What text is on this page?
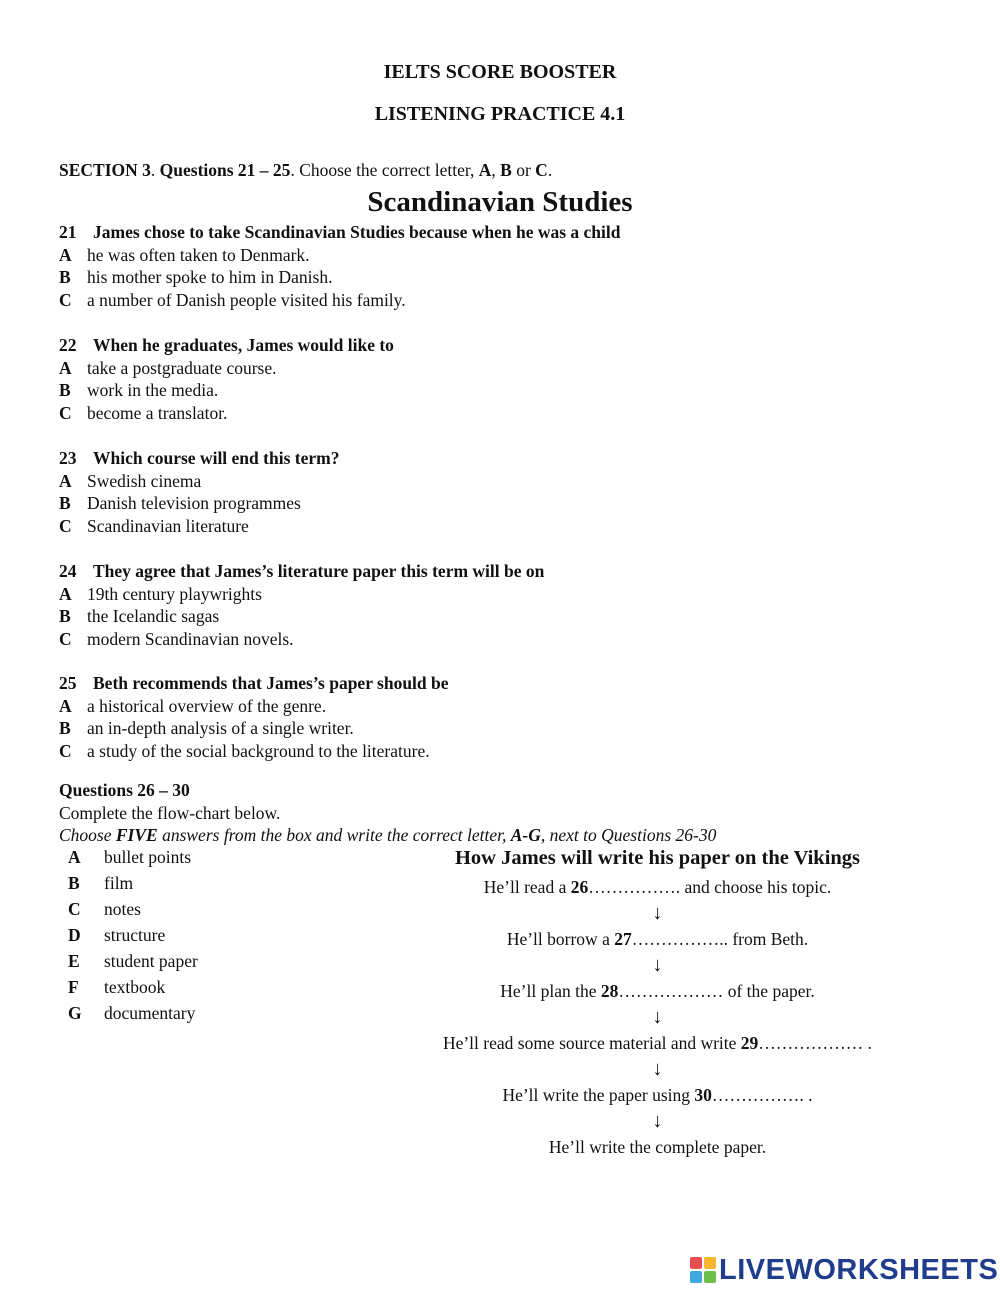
IELTS SCORE BOOSTER
LISTENING PRACTICE 4.1
SECTION 3. Questions 21 – 25. Choose the correct letter, A, B or C.
Scandinavian Studies
21 James chose to take Scandinavian Studies because when he was a child
A he was often taken to Denmark.
B his mother spoke to him in Danish.
C a number of Danish people visited his family.
22 When he graduates, James would like to
A take a postgraduate course.
B work in the media.
C become a translator.
23 Which course will end this term?
A Swedish cinema
B Danish television programmes
C Scandinavian literature
24 They agree that James’s literature paper this term will be on
A 19th century playwrights
B the Icelandic sagas
C modern Scandinavian novels.
25 Beth recommends that James’s paper should be
A a historical overview of the genre.
B an in-depth analysis of a single writer.
C a study of the social background to the literature.
Questions 26 – 30
Complete the flow-chart below.
Choose FIVE answers from the box and write the correct letter, A-G, next to Questions 26-30
A bullet points
B film
C notes
D structure
E student paper
F textbook
G documentary
How James will write his paper on the Vikings
He’ll read a 26……………. and choose his topic.
↓
He’ll borrow a 27…………….. from Beth.
↓
He’ll plan the 28……………… of the paper.
↓
He’ll read some source material and write 29……………… .
↓
He’ll write the paper using 30……………. .
↓
He’ll write the complete paper.
LIVEWORKSHEETS
